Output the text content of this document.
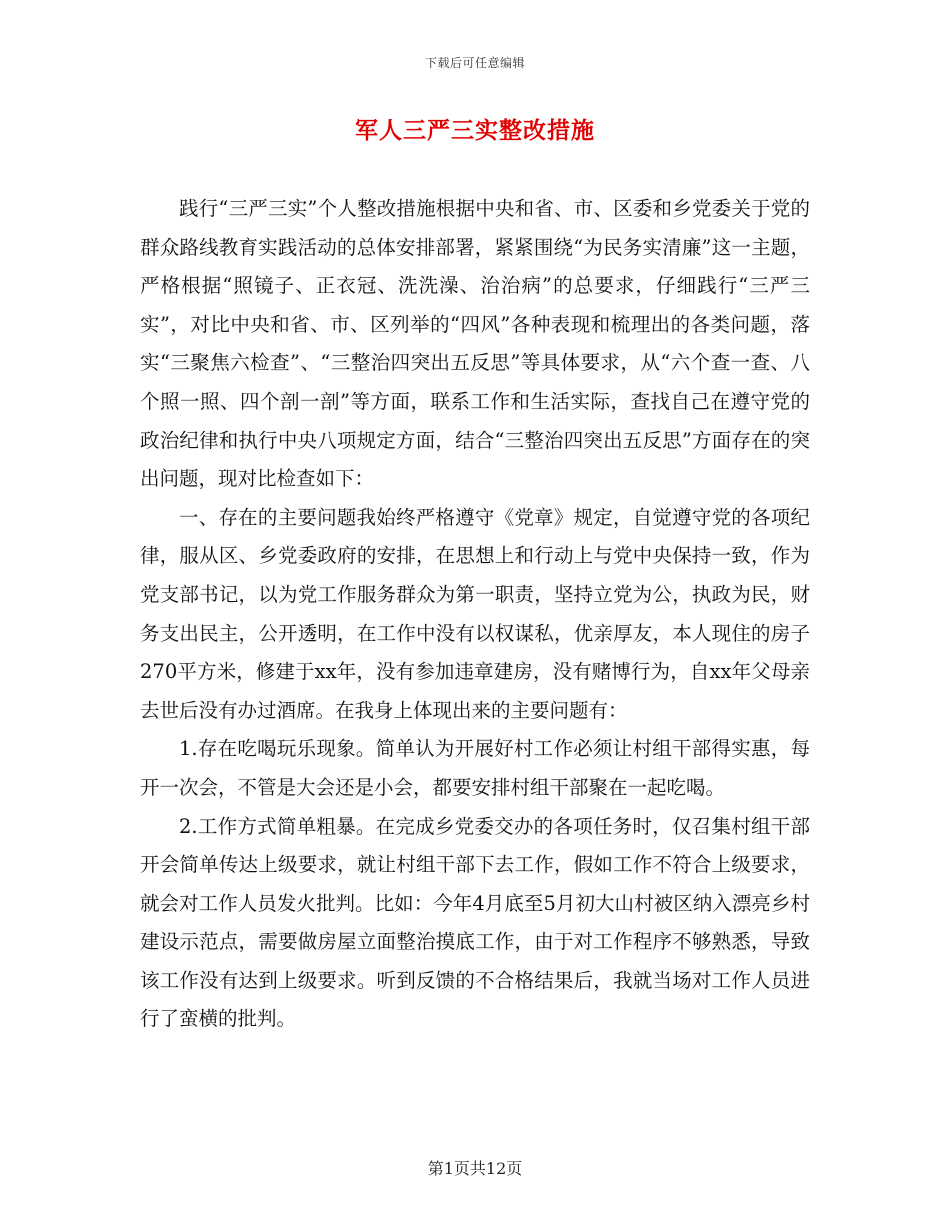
下载后可任意编辑
军人三严三实整改措施

践行“三严三实”个人整改措施根据中央和省、市、区委和乡党委关于党的群众路线教育实践活动的总体安排部署，紧紧围绕“为民务实清廉”这一主题，严格根据“照镜子、正衣冠、洗洗澡、治治病”的总要求，仔细践行“三严三实”，对比中央和省、市、区列举的“四风”各种表现和梳理出的各类问题，落实“三聚焦六检查”、“三整治四突出五反思”等具体要求，从“六个查一查、八个照一照、四个剖一剖”等方面，联系工作和生活实际，查找自己在遵守党的政治纪律和执行中央八项规定方面，结合“三整治四突出五反思”方面存在的突出问题，现对比检查如下：

一、存在的主要问题我始终严格遵守《党章》规定，自觉遵守党的各项纪律，服从区、乡党委政府的安排，在思想上和行动上与党中央保持一致，作为党支部书记，以为党工作服务群众为第一职责，坚持立党为公，执政为民，财务支出民主，公开透明，在工作中没有以权谋私，优亲厚友，本人现住的房子270平方米，修建于xx年，没有参加违章建房，没有赌博行为，自xx年父母亲去世后没有办过酒席。在我身上体现出来的主要问题有：

1.存在吃喝玩乐现象。简单认为开展好村工作必须让村组干部得实惠，每开一次会，不管是大会还是小会，都要安排村组干部聚在一起吃喝。

2.工作方式简单粗暴。在完成乡党委交办的各项任务时，仅召集村组干部开会简单传达上级要求，就让村组干部下去工作，假如工作不符合上级要求，就会对工作人员发火批判。比如：今年4月底至5月初大山村被区纳入漂亮乡村建设示范点，需要做房屋立面整治摸底工作，由于对工作程序不够熟悉，导致该工作没有达到上级要求。听到反馈的不合格结果后，我就当场对工作人员进行了蛮横的批判。

第1页共12页
